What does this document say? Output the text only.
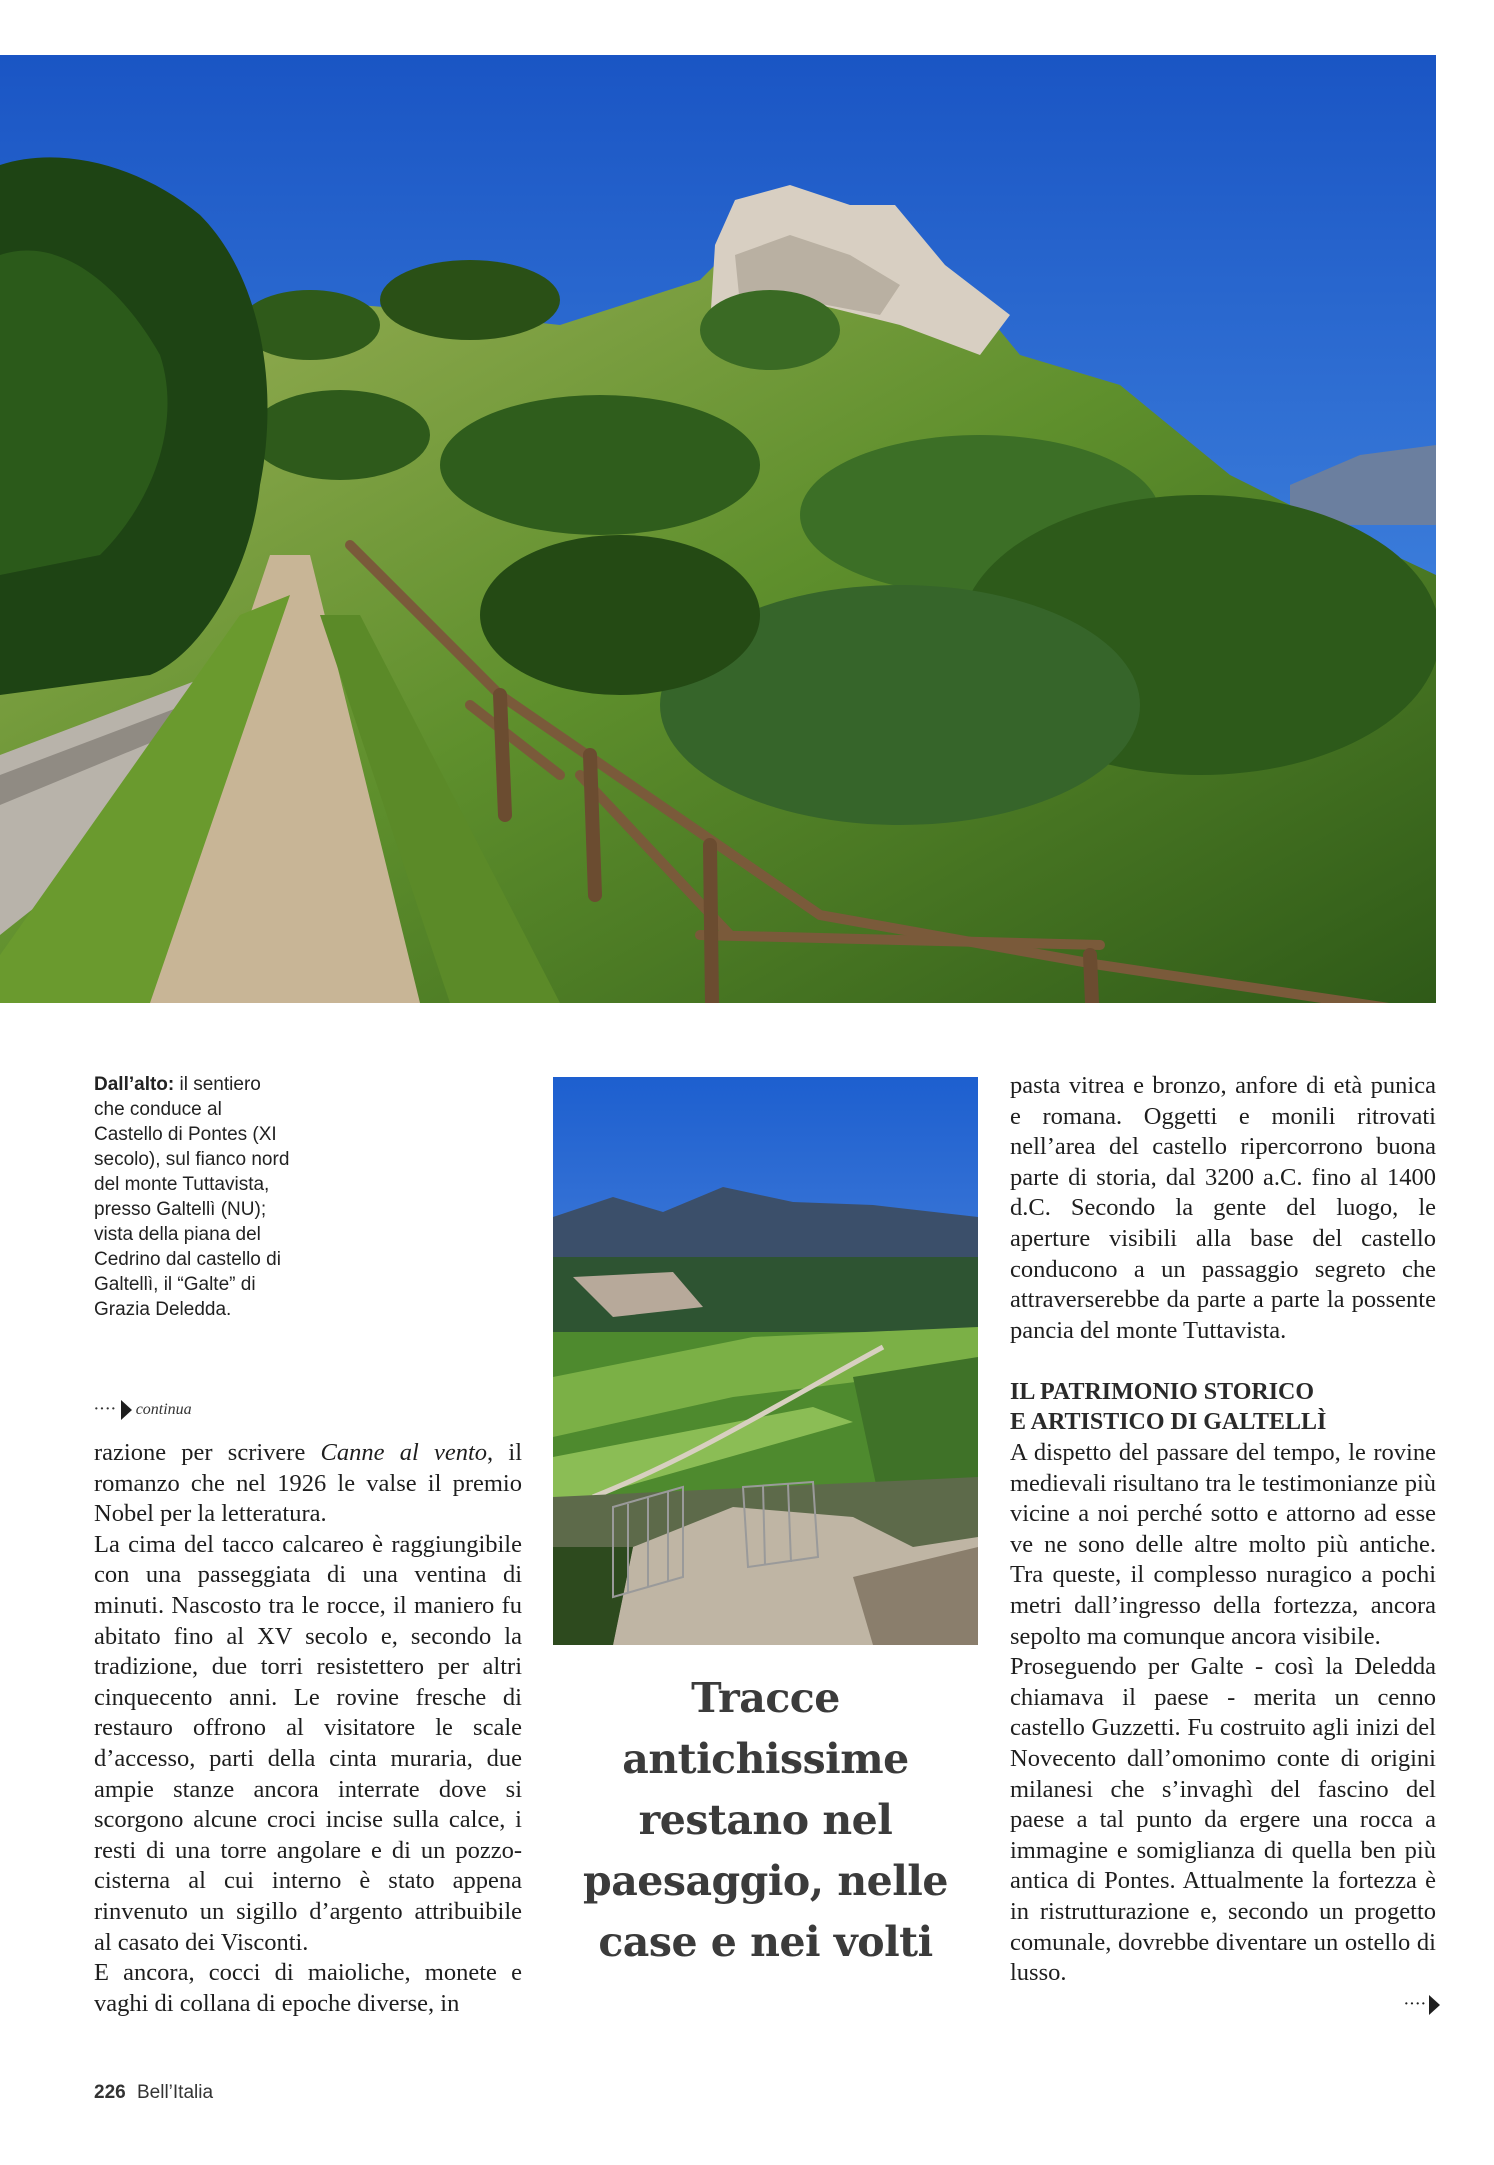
Dall’alto: il sentiero che conduce al Castello di Pontes (XI secolo), sul fianco nord del monte Tuttavista, presso Galtellì (NU); vista della piana del Cedrino dal castello di Galtellì, il “Galte” di Grazia Deledda.
···· continua

razione per scrivere Canne al vento, il romanzo che nel 1926 le valse il premio Nobel per la letteratura.

La cima del tacco calcareo è raggiungibile con una passeggiata di una ventina di minuti. Nascosto tra le rocce, il maniero fu abitato fino al XV secolo e, secondo la tradizione, due torri resistettero per altri cinquecento anni. Le rovine fresche di restauro offrono al visitatore le scale d’accesso, parti della cinta muraria, due ampie stanze ancora interrate dove si scorgono alcune croci incise sulla calce, i resti di una torre angolare e di un pozzo-cisterna al cui interno è stato appena rinvenuto un sigillo d’argento attribuibile al casato dei Visconti.

E ancora, cocci di maioliche, monete e vaghi di collana di epoche diverse, in

Tracce antichissime restano nel paesaggio, nelle case e nei volti

pasta vitrea e bronzo, anfore di età punica e romana. Oggetti e monili ritrovati nell’area del castello ripercorrono buona parte di storia, dal 3200 a.C. fino al 1400 d.C. Secondo la gente del luogo, le aperture visibili alla base del castello conducono a un passaggio segreto che attraverserebbe da parte a parte la possente pancia del monte Tuttavista.

IL PATRIMONIO STORICO
E ARTISTICO DI GALTELLÌ

A dispetto del passare del tempo, le rovine medievali risultano tra le testimonianze più vicine a noi perché sotto e attorno ad esse ve ne sono delle altre molto più antiche. Tra queste, il complesso nuragico a pochi metri dall’ingresso della fortezza, ancora sepolto ma comunque ancora visibile.

Proseguendo per Galte - così la Deledda chiamava il paese - merita un cenno castello Guzzetti. Fu costruito agli inizi del Novecento dall’omonimo conte di origini milanesi che s’invaghì del fascino del paese a tal punto da ergere una rocca a immagine e somiglianza di quella ben più antica di Pontes. Attualmente la fortezza è in ristrutturazione e, secondo un progetto comunale, dovrebbe diventare un ostello di lusso.

····
226 Bell’Italia
